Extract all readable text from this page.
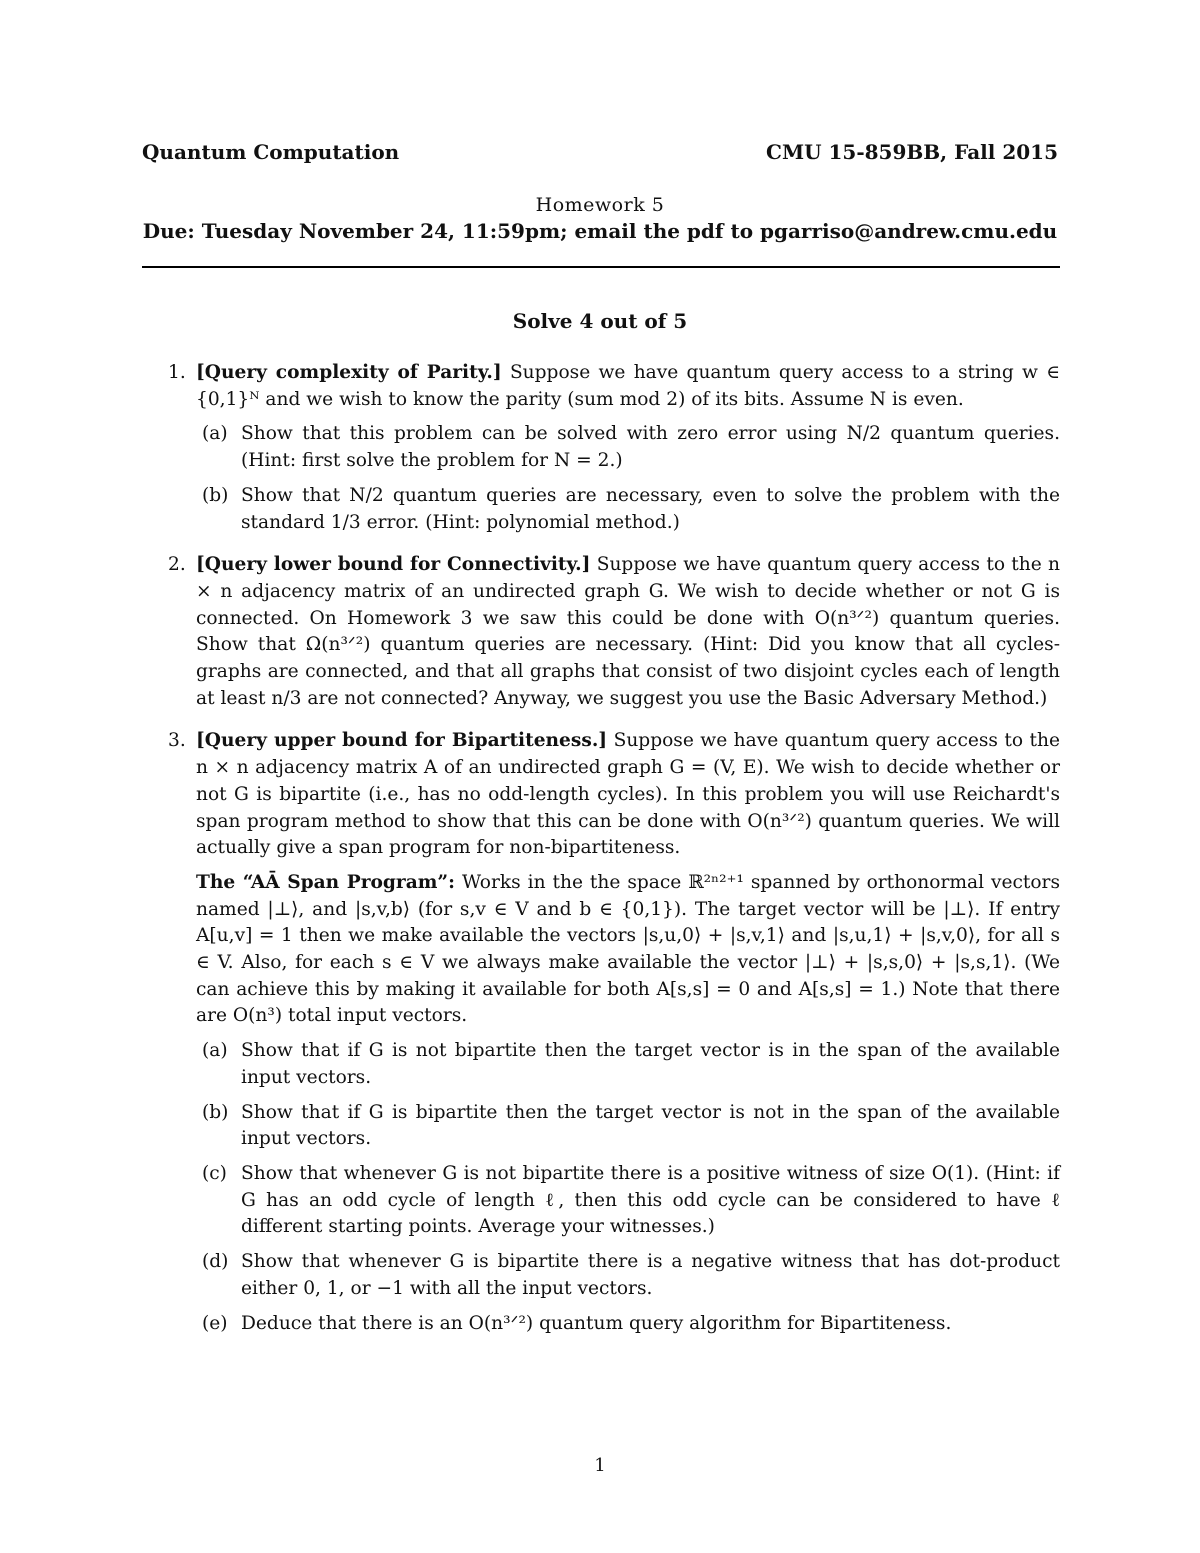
Quantum Computation	CMU 15-859BB, Fall 2015
Homework 5
Due: Tuesday November 24, 11:59pm; email the pdf to pgarriso@andrew.cmu.edu
Solve 4 out of 5
1. [Query complexity of Parity.] Suppose we have quantum query access to a string w ∈ {0,1}ᴺ and we wish to know the parity (sum mod 2) of its bits. Assume N is even.
(a) Show that this problem can be solved with zero error using N/2 quantum queries. (Hint: first solve the problem for N = 2.)
(b) Show that N/2 quantum queries are necessary, even to solve the problem with the standard 1/3 error. (Hint: polynomial method.)
2. [Query lower bound for Connectivity.] Suppose we have quantum query access to the n × n adjacency matrix of an undirected graph G. We wish to decide whether or not G is connected. On Homework 3 we saw this could be done with O(n³ᐟ²) quantum queries. Show that Ω(n³ᐟ²) quantum queries are necessary. (Hint: Did you know that all cycles-graphs are connected, and that all graphs that consist of two disjoint cycles each of length at least n/3 are not connected? Anyway, we suggest you use the Basic Adversary Method.)
3. [Query upper bound for Bipartiteness.] Suppose we have quantum query access to the n × n adjacency matrix A of an undirected graph G = (V, E). We wish to decide whether or not G is bipartite (i.e., has no odd-length cycles). In this problem you will use Reichardt's span program method to show that this can be done with O(n³ᐟ²) quantum queries. We will actually give a span program for non-bipartiteness.
The “AĀ Span Program”: Works in the the space ℝ²ⁿ²⁺¹ spanned by orthonormal vectors named |⊥⟩, and |s,v,b⟩ (for s,v ∈ V and b ∈ {0,1}). The target vector will be |⊥⟩. If entry A[u,v] = 1 then we make available the vectors |s,u,0⟩ + |s,v,1⟩ and |s,u,1⟩ + |s,v,0⟩, for all s ∈ V. Also, for each s ∈ V we always make available the vector |⊥⟩ + |s,s,0⟩ + |s,s,1⟩. (We can achieve this by making it available for both A[s,s] = 0 and A[s,s] = 1.) Note that there are O(n³) total input vectors.
(a) Show that if G is not bipartite then the target vector is in the span of the available input vectors.
(b) Show that if G is bipartite then the target vector is not in the span of the available input vectors.
(c) Show that whenever G is not bipartite there is a positive witness of size O(1). (Hint: if G has an odd cycle of length ℓ, then this odd cycle can be considered to have ℓ different starting points. Average your witnesses.)
(d) Show that whenever G is bipartite there is a negative witness that has dot-product either 0, 1, or −1 with all the input vectors.
(e) Deduce that there is an O(n³ᐟ²) quantum query algorithm for Bipartiteness.
1
